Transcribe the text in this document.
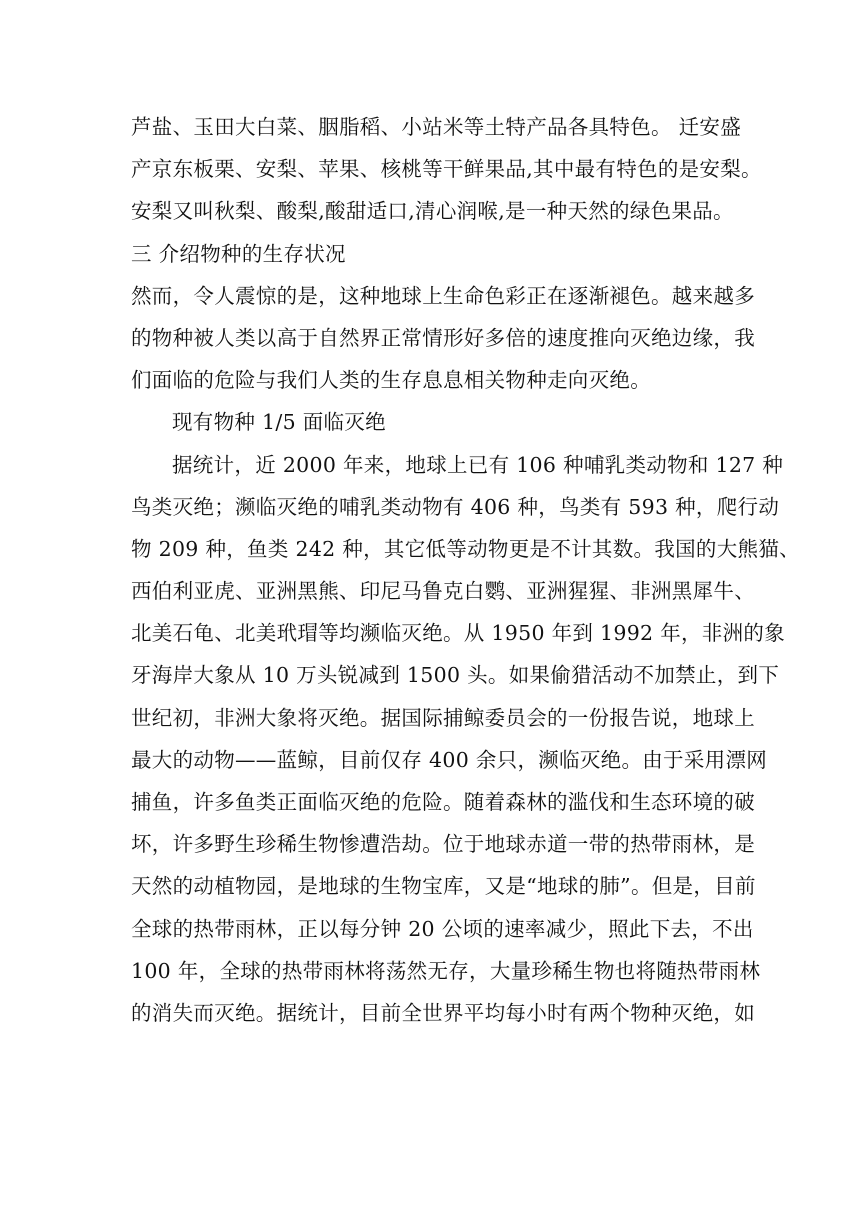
芦盐、玉田大白菜、胭脂稻、小站米等土特产品各具特色。 迁安盛
产京东板栗、安梨、苹果、核桃等干鲜果品,其中最有特色的是安梨。
安梨又叫秋梨、酸梨,酸甜适口,清心润喉,是一种天然的绿色果品。
三 介绍物种的生存状况
然而，令人震惊的是，这种地球上生命色彩正在逐渐褪色。越来越多
的物种被人类以高于自然界正常情形好多倍的速度推向灭绝边缘，我
们面临的危险与我们人类的生存息息相关物种走向灭绝。
现有物种 1/5 面临灭绝
据统计，近 2000 年来，地球上已有 106 种哺乳类动物和 127 种
鸟类灭绝；濒临灭绝的哺乳类动物有 406 种，鸟类有 593 种，爬行动
物 209 种，鱼类 242 种，其它低等动物更是不计其数。我国的大熊猫、
西伯利亚虎、亚洲黑熊、印尼马鲁克白鹦、亚洲猩猩、非洲黑犀牛、
北美石龟、北美玳瑁等均濒临灭绝。从 1950 年到 1992 年，非洲的象
牙海岸大象从 10 万头锐减到 1500 头。如果偷猎活动不加禁止，到下
世纪初，非洲大象将灭绝。据国际捕鲸委员会的一份报告说，地球上
最大的动物——蓝鲸，目前仅存 400 余只，濒临灭绝。由于采用漂网
捕鱼，许多鱼类正面临灭绝的危险。随着森林的滥伐和生态环境的破
坏，许多野生珍稀生物惨遭浩劫。位于地球赤道一带的热带雨林，是
天然的动植物园，是地球的生物宝库，又是“地球的肺”。但是，目前
全球的热带雨林，正以每分钟 20 公顷的速率减少，照此下去，不出
100 年，全球的热带雨林将荡然无存，大量珍稀生物也将随热带雨林
的消失而灭绝。据统计，目前全世界平均每小时有两个物种灭绝，如
